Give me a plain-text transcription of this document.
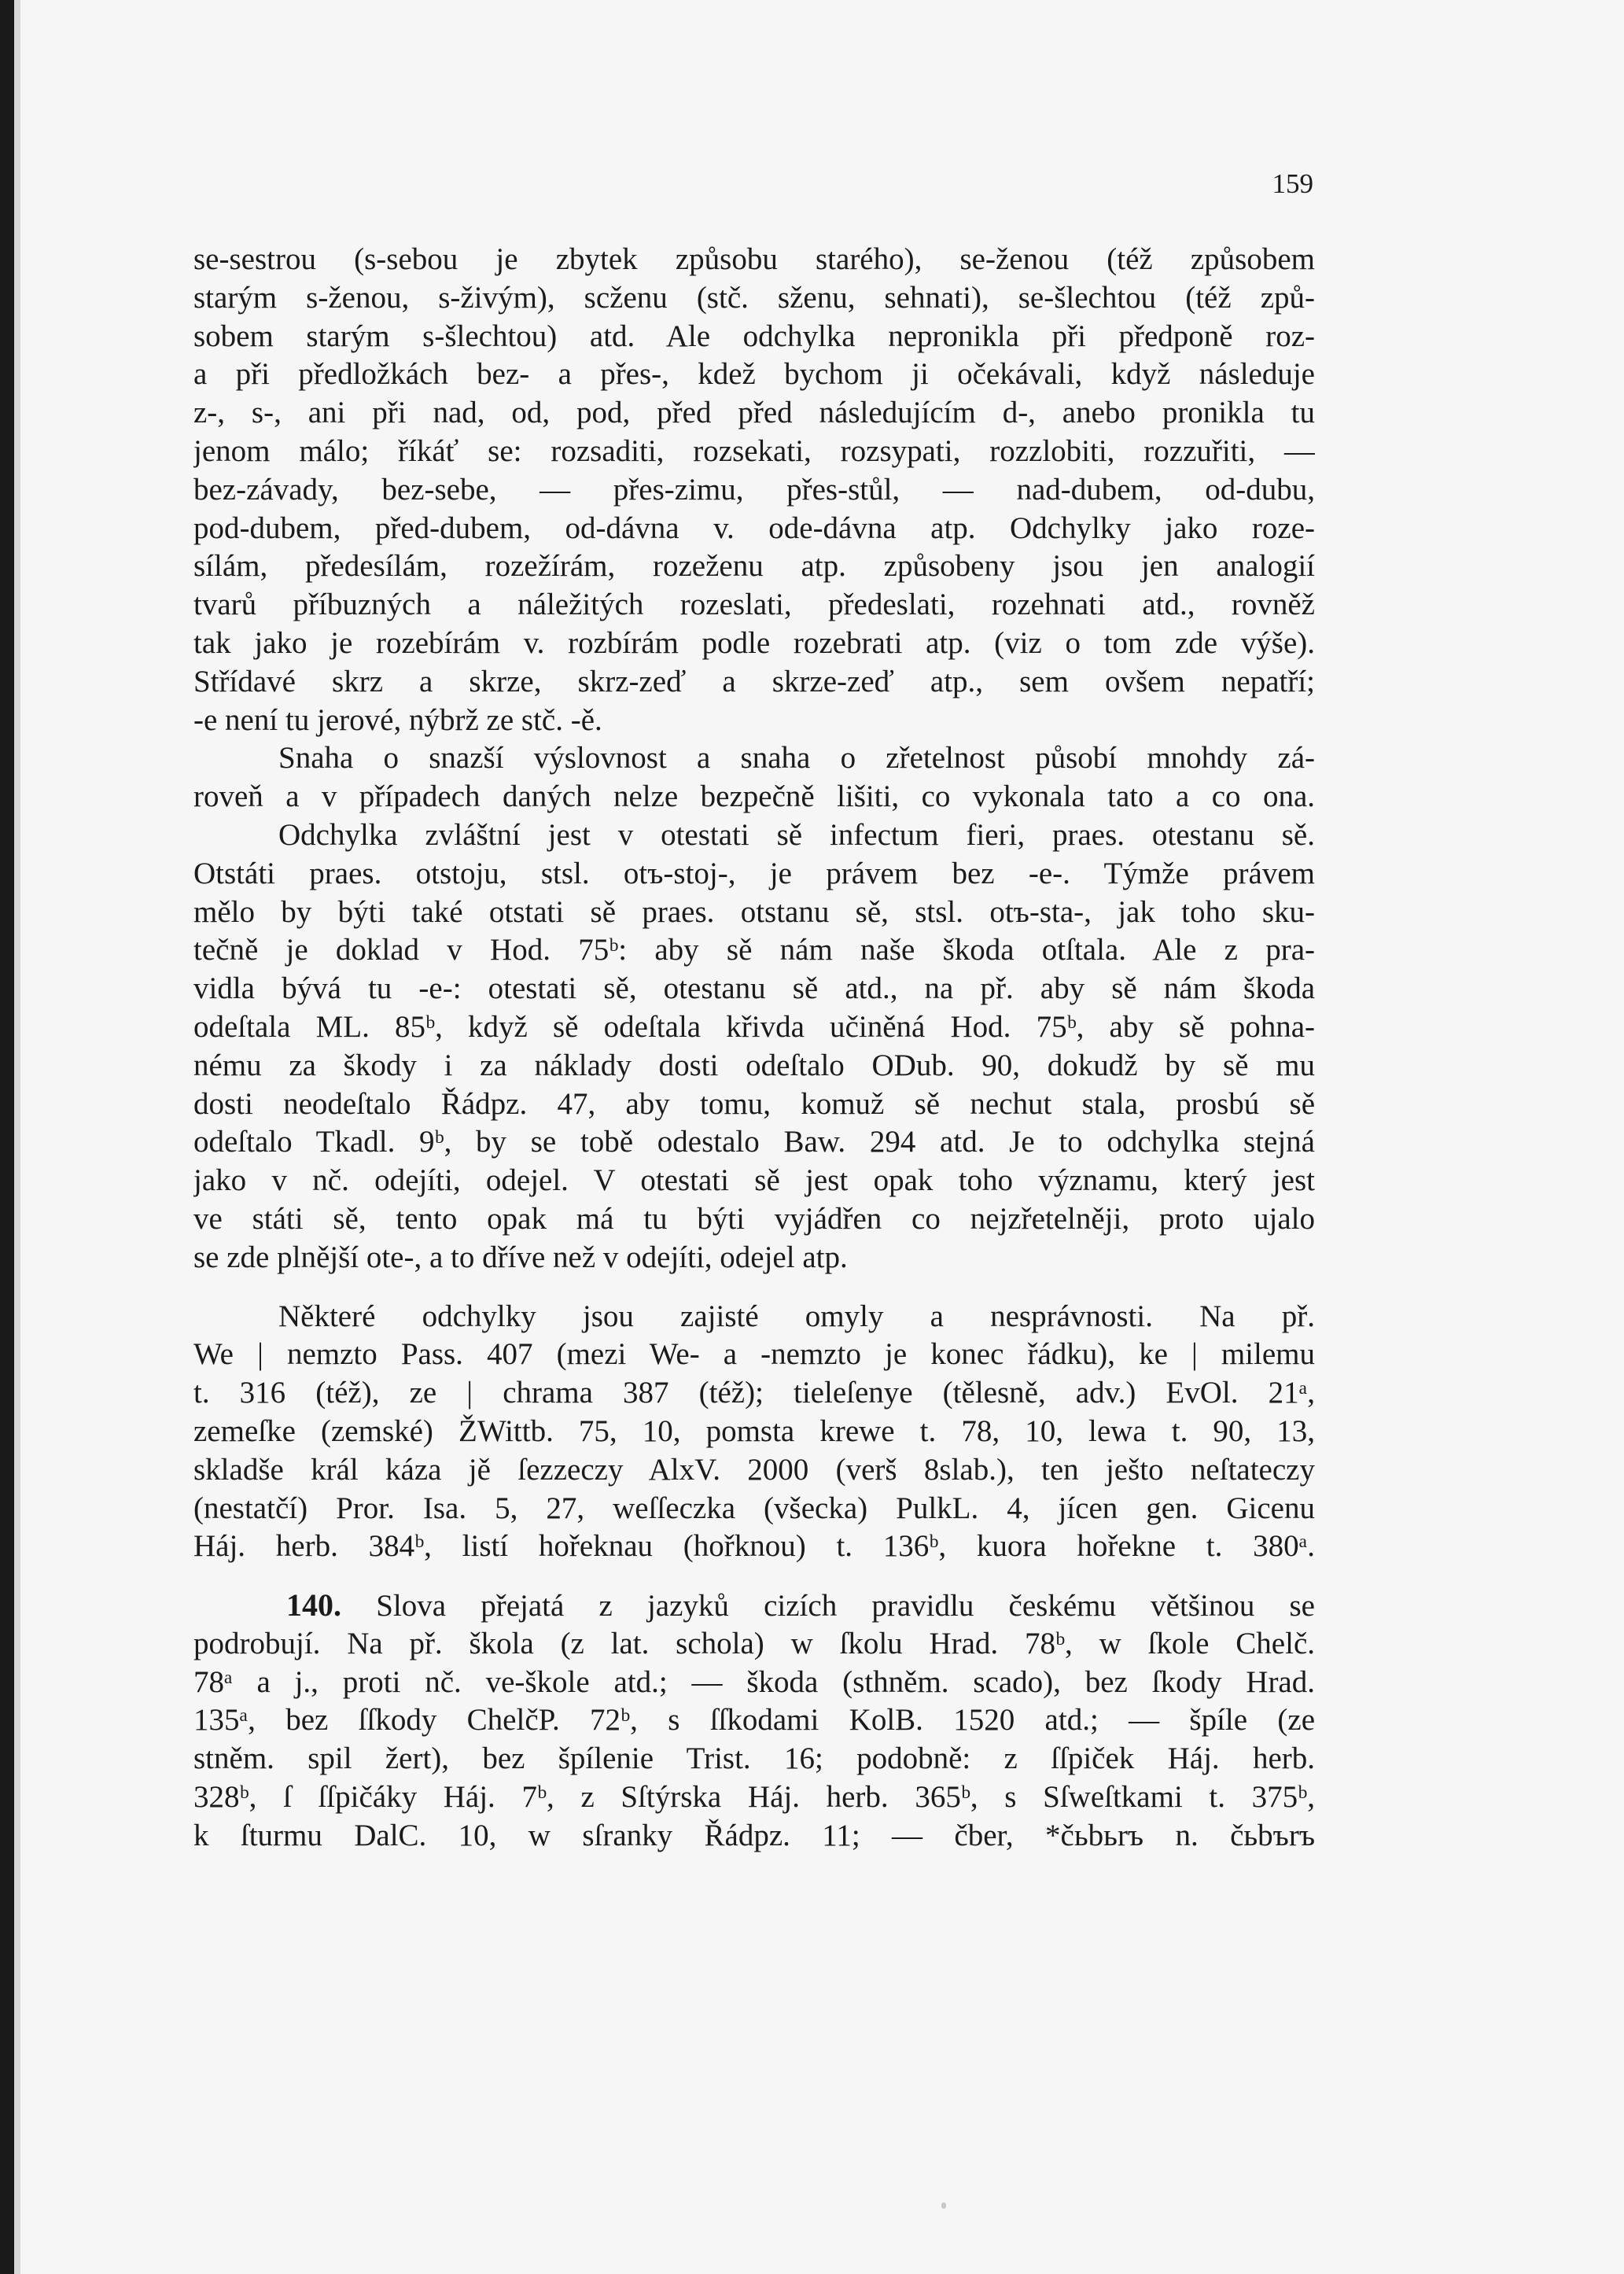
159
se-sestrou (s-sebou je zbytek způsobu starého), se-ženou (též způsobem
starým s-ženou, s-živým), sсženu (stč. sženu, sehnati), se-šlechtou (též způ-
sobem starým s-šlechtou) atd. Ale odchylka nepronikla při předponě roz-
a při předložkách bez- a přes-, kdež bychom ji očekávali, když následuje
z-, s-, ani při nad, od, pod, před před následujícím d-, anebo pronikla tu
jenom málo; říkáť se: rozsaditi, rozsekati, rozsypati, rozzlobiti, rozzuřiti, —
bez-závady, bez-sebe, — přes-zimu, přes-stůl, — nad-dubem, od-dubu,
pod-dubem, před-dubem, od-dávna v. ode-dávna atp. Odchylky jako roze-
sílám, předesílám, rozežírám, rozeženu atp. způsobeny jsou jen analogií
tvarů příbuzných a náležitých rozeslati, předeslati, rozehnati atd., rovněž
tak jako je rozebírám v. rozbírám podle rozebrati atp. (viz o tom zde výše).
Střídavé skrz a skrze, skrz-zeď a skrze-zeď atp., sem ovšem nepatří;
-e není tu jerové, nýbrž ze stč. -ě.
Snaha o snazší výslovnost a snaha o zřetelnost působí mnohdy zá-
roveň a v případech daných nelze bezpečně lišiti, co vykonala tato a co ona.
Odchylka zvláštní jest v otestati sě infectum fieri, praes. otestanu sě.
Otstáti praes. otstoju, stsl. otъ-stoj-, je právem bez -e-. Týmže právem
mělo by býti také otstati sě praes. otstanu sě, stsl. otъ-sta-, jak toho sku-
tečně je doklad v Hod. 75ᵇ: aby sě nám naše škoda otſtala. Ale z pra-
vidla bývá tu -e-: otestati sě, otestanu sě atd., na př. aby sě nám škoda
odeſtala ML. 85ᵇ, když sě odeſtala křivda učiněná Hod. 75ᵇ, aby sě pohna-
nému za škody i za náklady dosti odeſtalo ODub. 90, dokudž by sě mu
dosti neodeſtalo Řádpz. 47, aby tomu, komuž sě nechut stala, prosbú sě
odeſtalo Tkadl. 9ᵇ, by se tobě odestalo Baw. 294 atd. Je to odchylka stejná
jako v nč. odejíti, odejel. V otestati sě jest opak toho významu, který jest
ve státi sě, tento opak má tu býti vyjádřen co nejzřetelněji, proto ujalo
se zde plnější ote-, a to dříve než v odejíti, odejel atp.
Některé odchylky jsou zajisté omyly a nesprávnosti. Na př.
We | nemzto Pass. 407 (mezi We- a -nemzto je konec řádku), ke | milemu
t. 316 (též), ze | chrama 387 (též); tieleſenye (tělesně, adv.) EvOl. 21ᵃ,
zemeſke (zemské) ŽWittb. 75, 10, pomsta krewe t. 78, 10, lewa t. 90, 13,
skladše král káza jě ſezzeczy AlxV. 2000 (verš 8slab.), ten ješto neſtateczy
(nestatčí) Pror. Isa. 5, 27, weſſeczka (všecka) PulkL. 4, jícen gen. Gicenu
Háj. herb. 384ᵇ, listí hořeknau (hořknou) t. 136ᵇ, kuora hořekne t. 380ᵃ.
140. Slova přejatá z jazyků cizích pravidlu českému většinou se
podrobují. Na př. škola (z lat. schola) w ſkolu Hrad. 78ᵇ, w ſkole Chelč.
78ᵃ a j., proti nč. ve-škole atd.; — škoda (sthněm. scado), bez ſkody Hrad.
135ᵃ, bez ſſkody ChelčP. 72ᵇ, s ſſkodami KolB. 1520 atd.; — špíle (ze
stněm. spil žert), bez špílenie Trist. 16; podobně: z ſſpiček Háj. herb.
328ᵇ, ſ ſſpičáky Háj. 7ᵇ, z Sſtýrska Háj. herb. 365ᵇ, s Sſweſtkami t. 375ᵇ,
k ſturmu DalC. 10, w sſranky Řádpz. 11; — čber, *čьbьrъ n. čьbъrъ
